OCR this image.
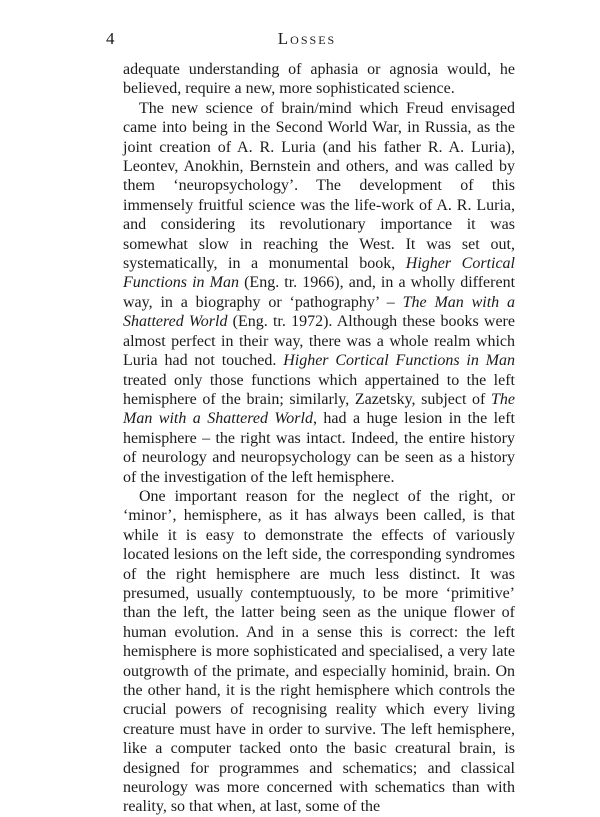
4	Losses

adequate understanding of aphasia or agnosia would, he believed, require a new, more sophisticated science.

The new science of brain/mind which Freud envisaged came into being in the Second World War, in Russia, as the joint creation of A. R. Luria (and his father R. A. Luria), Leontev, Anokhin, Bernstein and others, and was called by them ‘neuropsychology’. The development of this immensely fruitful science was the life-work of A. R. Luria, and considering its revolutionary importance it was somewhat slow in reaching the West. It was set out, systematically, in a monumental book, Higher Cortical Functions in Man (Eng. tr. 1966), and, in a wholly different way, in a biography or ‘pathography’ – The Man with a Shattered World (Eng. tr. 1972). Although these books were almost perfect in their way, there was a whole realm which Luria had not touched. Higher Cortical Functions in Man treated only those functions which appertained to the left hemisphere of the brain; similarly, Zazetsky, subject of The Man with a Shattered World, had a huge lesion in the left hemisphere – the right was intact. Indeed, the entire history of neurology and neuropsychology can be seen as a history of the investigation of the left hemisphere.

One important reason for the neglect of the right, or ‘minor’, hemisphere, as it has always been called, is that while it is easy to demonstrate the effects of variously located lesions on the left side, the corresponding syndromes of the right hemisphere are much less distinct. It was presumed, usually contemptuously, to be more ‘primitive’ than the left, the latter being seen as the unique flower of human evolution. And in a sense this is correct: the left hemisphere is more sophisticated and specialised, a very late outgrowth of the primate, and especially hominid, brain. On the other hand, it is the right hemisphere which controls the crucial powers of recognising reality which every living creature must have in order to survive. The left hemisphere, like a computer tacked onto the basic creatural brain, is designed for programmes and schematics; and classical neurology was more concerned with schematics than with reality, so that when, at last, some of the
